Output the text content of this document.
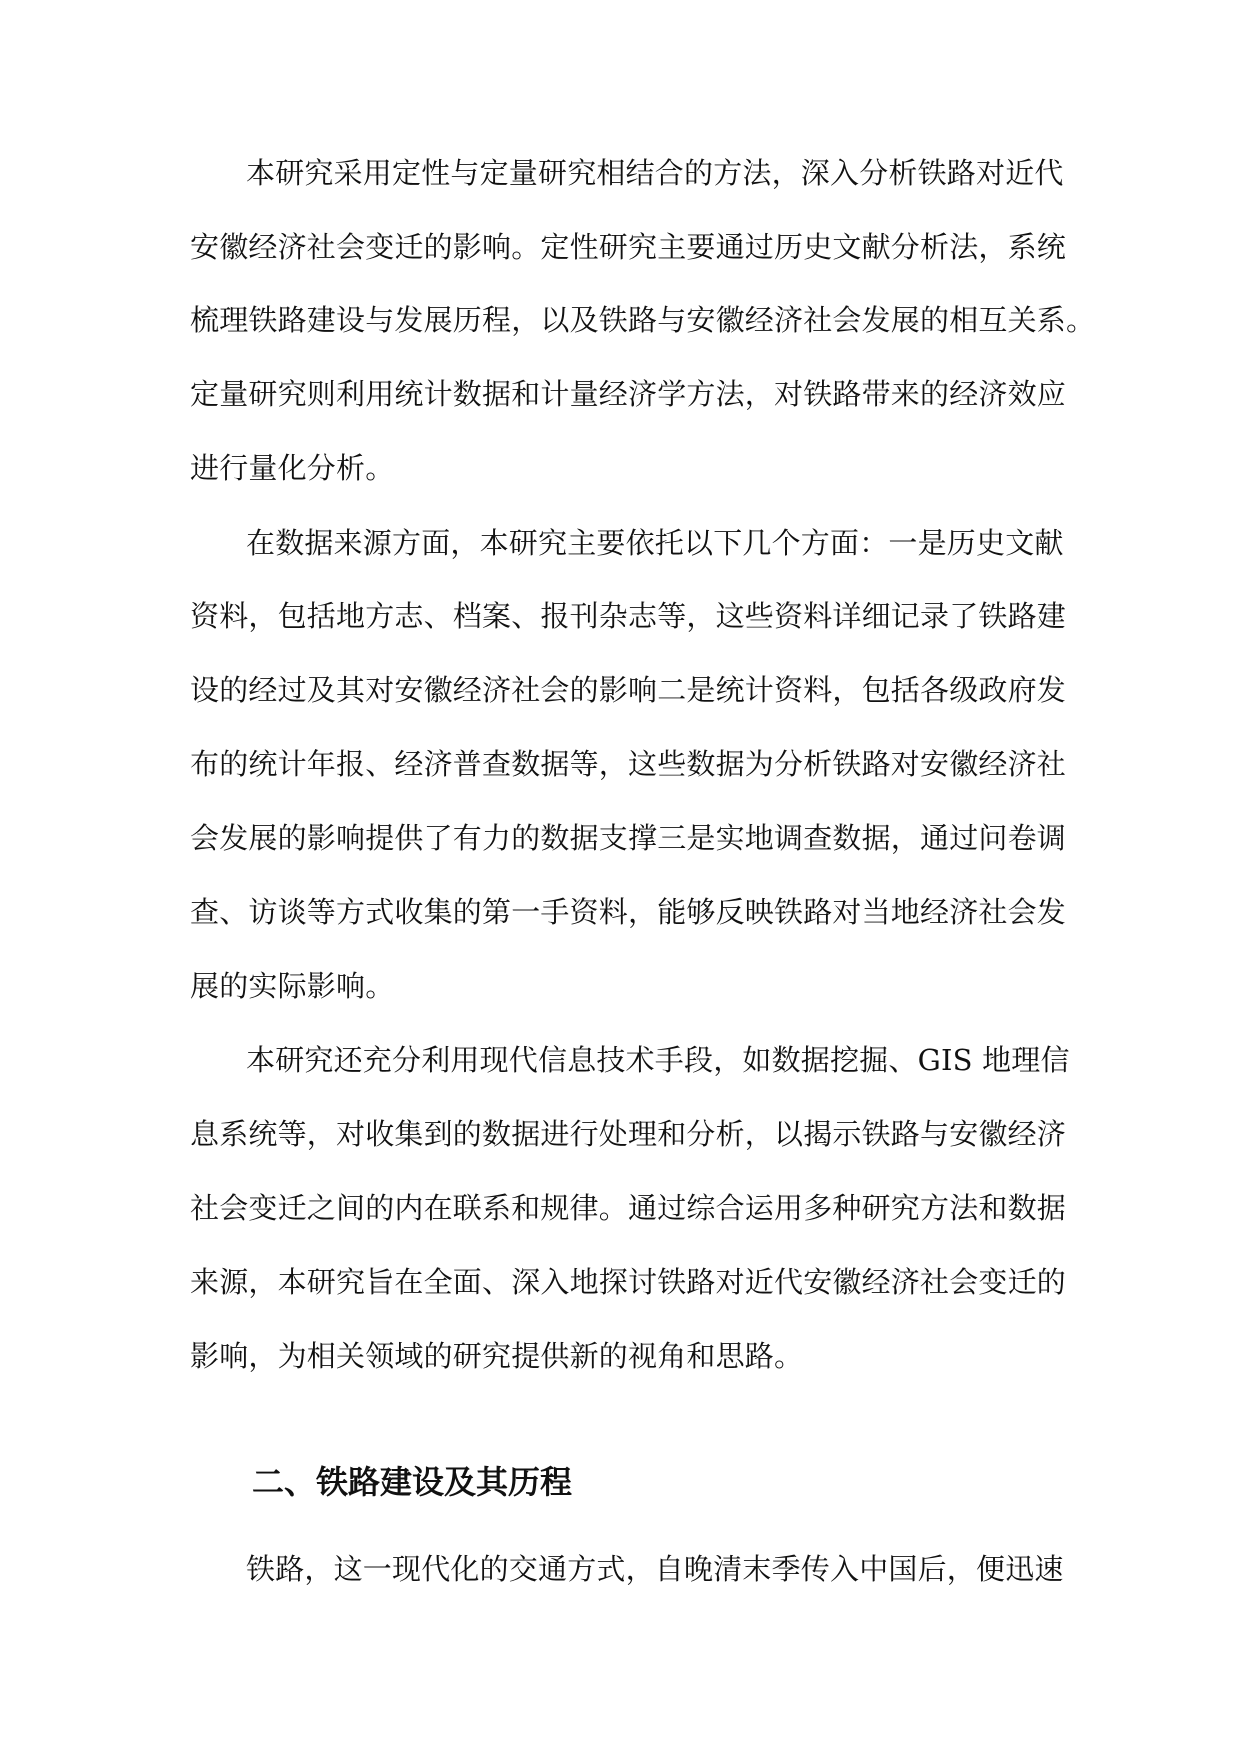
本研究采用定性与定量研究相结合的方法，深入分析铁路对近代
安徽经济社会变迁的影响。定性研究主要通过历史文献分析法，系统
梳理铁路建设与发展历程，以及铁路与安徽经济社会发展的相互关系。
定量研究则利用统计数据和计量经济学方法，对铁路带来的经济效应
进行量化分析。
在数据来源方面，本研究主要依托以下几个方面：一是历史文献
资料，包括地方志、档案、报刊杂志等，这些资料详细记录了铁路建
设的经过及其对安徽经济社会的影响二是统计资料，包括各级政府发
布的统计年报、经济普查数据等，这些数据为分析铁路对安徽经济社
会发展的影响提供了有力的数据支撑三是实地调查数据，通过问卷调
查、访谈等方式收集的第一手资料，能够反映铁路对当地经济社会发
展的实际影响。
本研究还充分利用现代信息技术手段，如数据挖掘、GIS 地理信
息系统等，对收集到的数据进行处理和分析，以揭示铁路与安徽经济
社会变迁之间的内在联系和规律。通过综合运用多种研究方法和数据
来源，本研究旨在全面、深入地探讨铁路对近代安徽经济社会变迁的
影响，为相关领域的研究提供新的视角和思路。
二、铁路建设及其历程
铁路，这一现代化的交通方式，自晚清末季传入中国后，便迅速
